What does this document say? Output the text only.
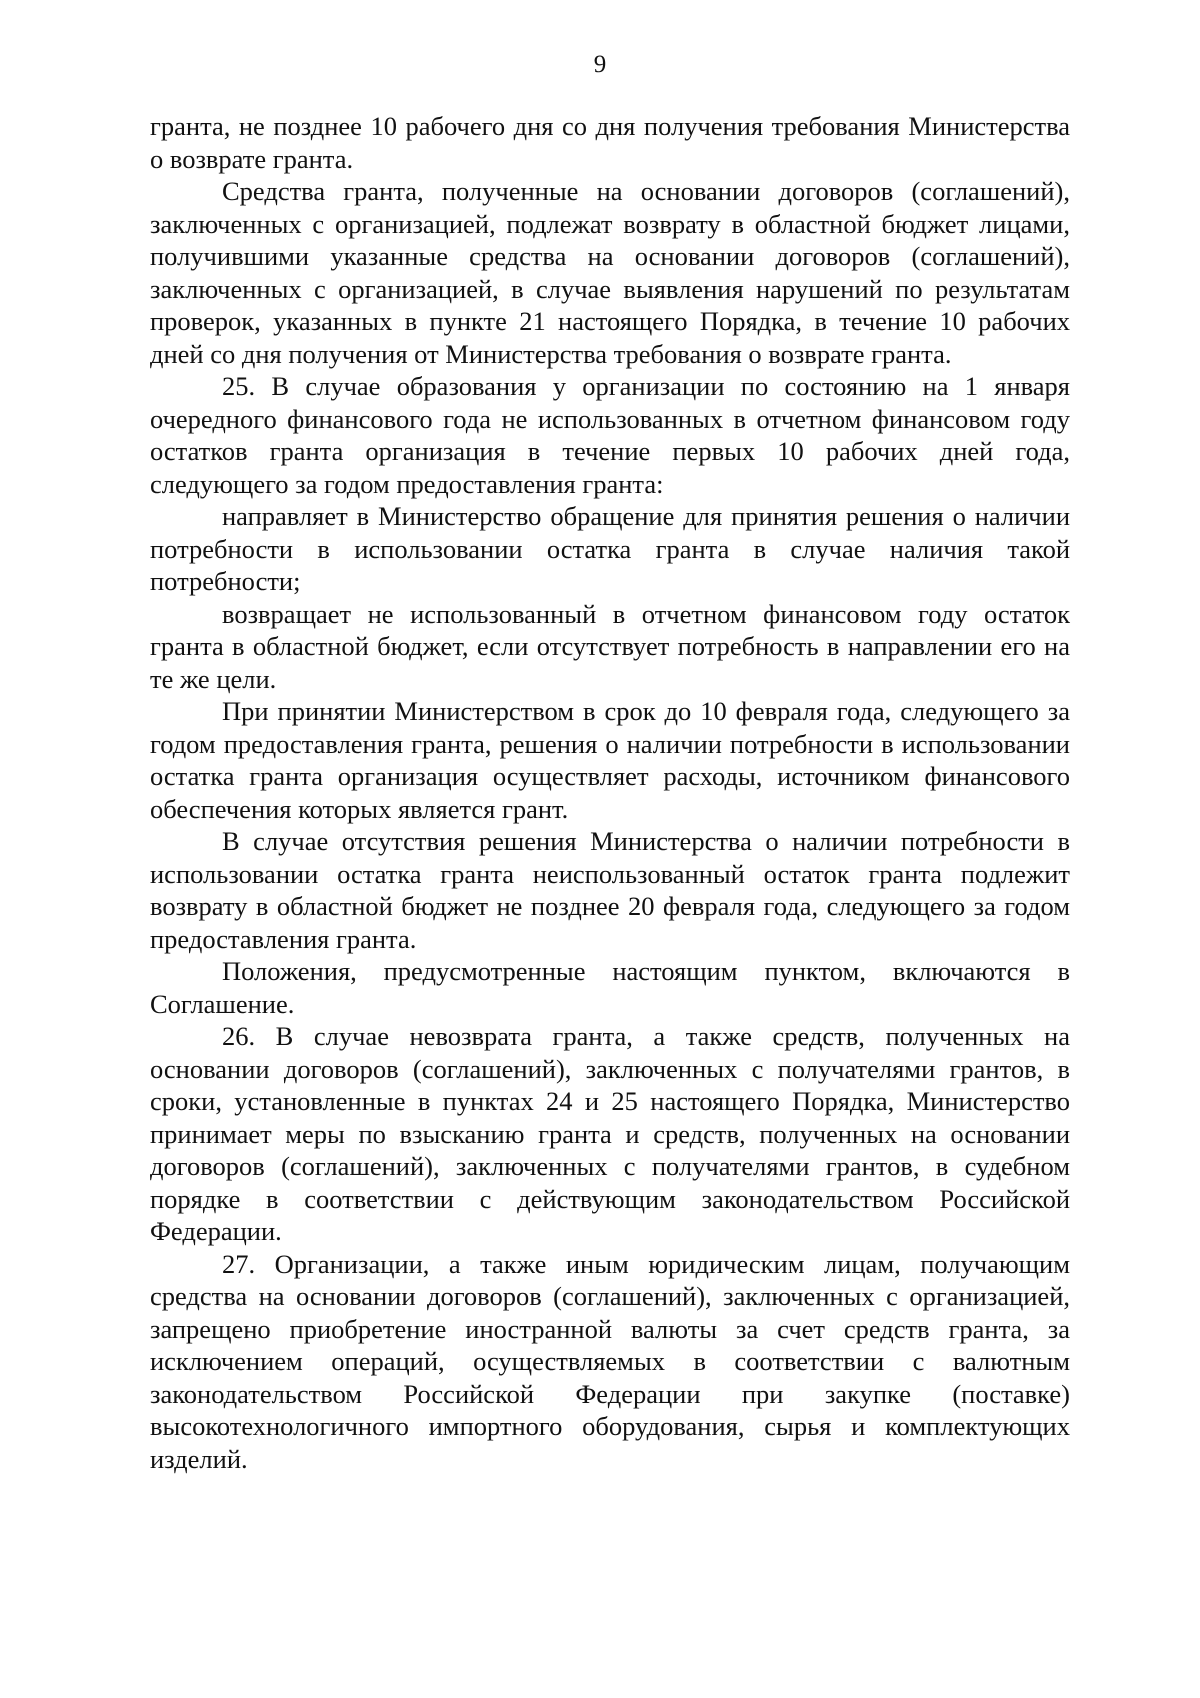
9

гранта, не позднее 10 рабочего дня со дня получения требования Министерства о возврате гранта.

Средства гранта, полученные на основании договоров (соглашений), заключенных с организацией, подлежат возврату в областной бюджет лицами, получившими указанные средства на основании договоров (соглашений), заключенных с организацией, в случае выявления нарушений по результатам проверок, указанных в пункте 21 настоящего Порядка, в течение 10 рабочих дней со дня получения от Министерства требования о возврате гранта.

25. В случае образования у организации по состоянию на 1 января очередного финансового года не использованных в отчетном финансовом году остатков гранта организация в течение первых 10 рабочих дней года, следующего за годом предоставления гранта:

направляет в Министерство обращение для принятия решения о наличии потребности в использовании остатка гранта в случае наличия такой потребности;

возвращает не использованный в отчетном финансовом году остаток гранта в областной бюджет, если отсутствует потребность в направлении его на те же цели.

При принятии Министерством в срок до 10 февраля года, следующего за годом предоставления гранта, решения о наличии потребности в использовании остатка гранта организация осуществляет расходы, источником финансового обеспечения которых является грант.

В случае отсутствия решения Министерства о наличии потребности в использовании остатка гранта неиспользованный остаток гранта подлежит возврату в областной бюджет не позднее 20 февраля года, следующего за годом предоставления гранта.

Положения, предусмотренные настоящим пунктом, включаются в Соглашение.

26. В случае невозврата гранта, а также средств, полученных на основании договоров (соглашений), заключенных с получателями грантов, в сроки, установленные в пунктах 24 и 25 настоящего Порядка, Министерство принимает меры по взысканию гранта и средств, полученных на основании договоров (соглашений), заключенных с получателями грантов, в судебном порядке в соответствии с действующим законодательством Российской Федерации.

27. Организации, а также иным юридическим лицам, получающим средства на основании договоров (соглашений), заключенных с организацией, запрещено приобретение иностранной валюты за счет средств гранта, за исключением операций, осуществляемых в соответствии с валютным законодательством Российской Федерации при закупке (поставке) высокотехнологичного импортного оборудования, сырья и комплектующих изделий.
